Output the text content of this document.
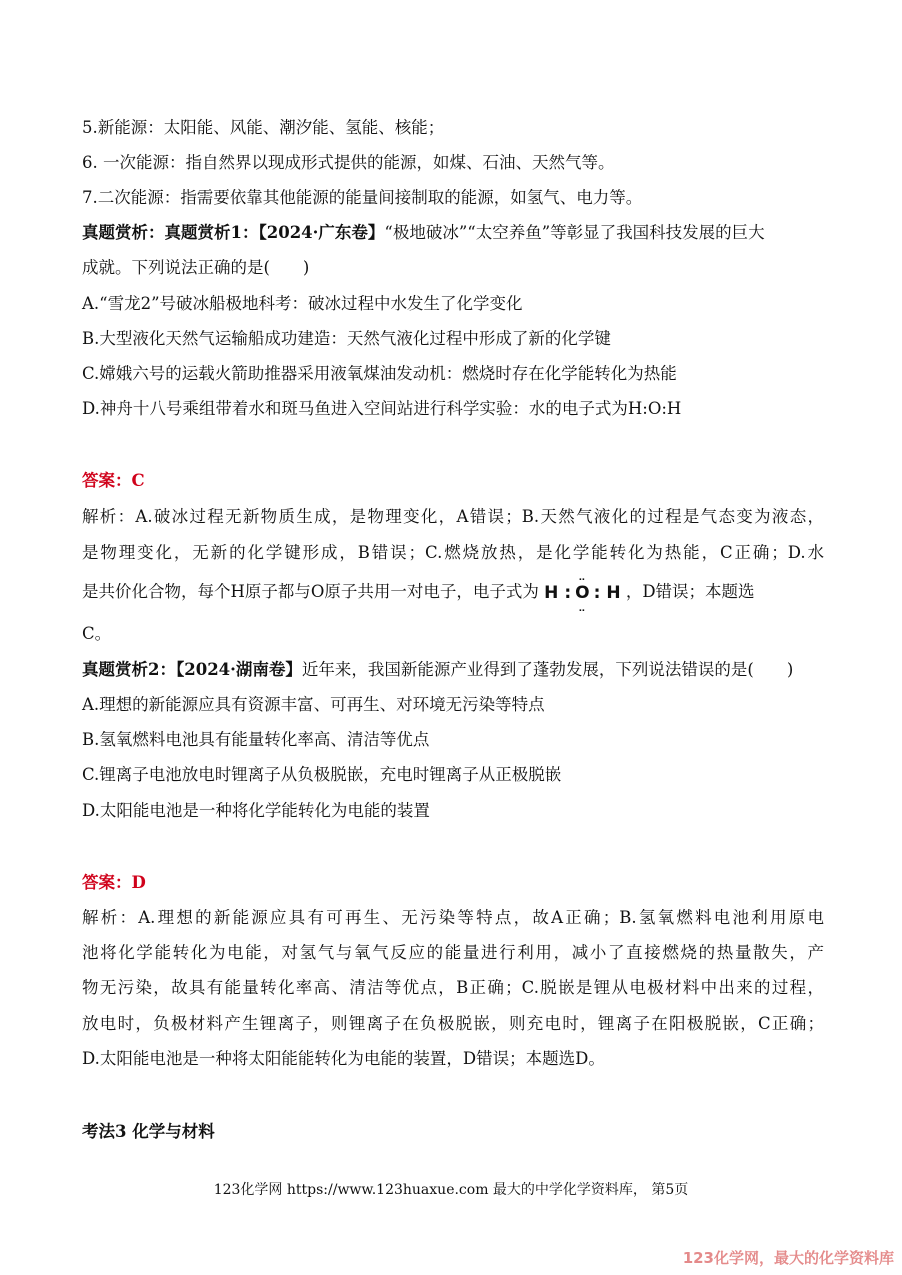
5.新能源：太阳能、风能、潮汐能、氢能、核能；
6. 一次能源：指自然界以现成形式提供的能源，如煤、石油、天然气等。
7.二次能源：指需要依靠其他能源的能量间接制取的能源，如氢气、电力等。
真题赏析：真题赏析1：【2024·广东卷】“极地破冰”“太空养鱼”等彰显了我国科技发展的巨大
成就。下列说法正确的是(　　)
A.“雪龙2”号破冰船极地科考：破冰过程中水发生了化学变化
B.大型液化天然气运输船成功建造：天然气液化过程中形成了新的化学键
C.嫦娥六号的运载火箭助推器采用液氧煤油发动机：燃烧时存在化学能转化为热能
D.神舟十八号乘组带着水和斑马鱼进入空间站进行科学实验：水的电子式为H:O:H
答案：C
解析：A.破冰过程无新物质生成，是物理变化，A错误；B.天然气液化的过程是气态变为液态，
是物理变化，无新的化学键形成，B错误；C.燃烧放热，是化学能转化为热能，C正确；D.水
是共价化合物，每个H原子都与O原子共用一对电子，电子式为 H :
‥
O
‥
: H ，D错误；本题选
C。
真题赏析2：【2024·湖南卷】近年来，我国新能源产业得到了蓬勃发展，下列说法错误的是(　　)
A.理想的新能源应具有资源丰富、可再生、对环境无污染等特点
B.氢氧燃料电池具有能量转化率高、清洁等优点
C.锂离子电池放电时锂离子从负极脱嵌，充电时锂离子从正极脱嵌
D.太阳能电池是一种将化学能转化为电能的装置
答案：D
解析：A.理想的新能源应具有可再生、无污染等特点，故A正确；B.氢氧燃料电池利用原电
池将化学能转化为电能，对氢气与氧气反应的能量进行利用，减小了直接燃烧的热量散失，产
物无污染，故具有能量转化率高、清洁等优点，B正确；C.脱嵌是锂从电极材料中出来的过程，
放电时，负极材料产生锂离子，则锂离子在负极脱嵌，则充电时，锂离子在阳极脱嵌，C正确；
D.太阳能电池是一种将太阳能能转化为电能的装置，D错误；本题选D。
考法3 化学与材料
123化学网 https://www.123huaxue.com 最大的中学化学资料库， 第5页
123化学网，最大的化学资料库
